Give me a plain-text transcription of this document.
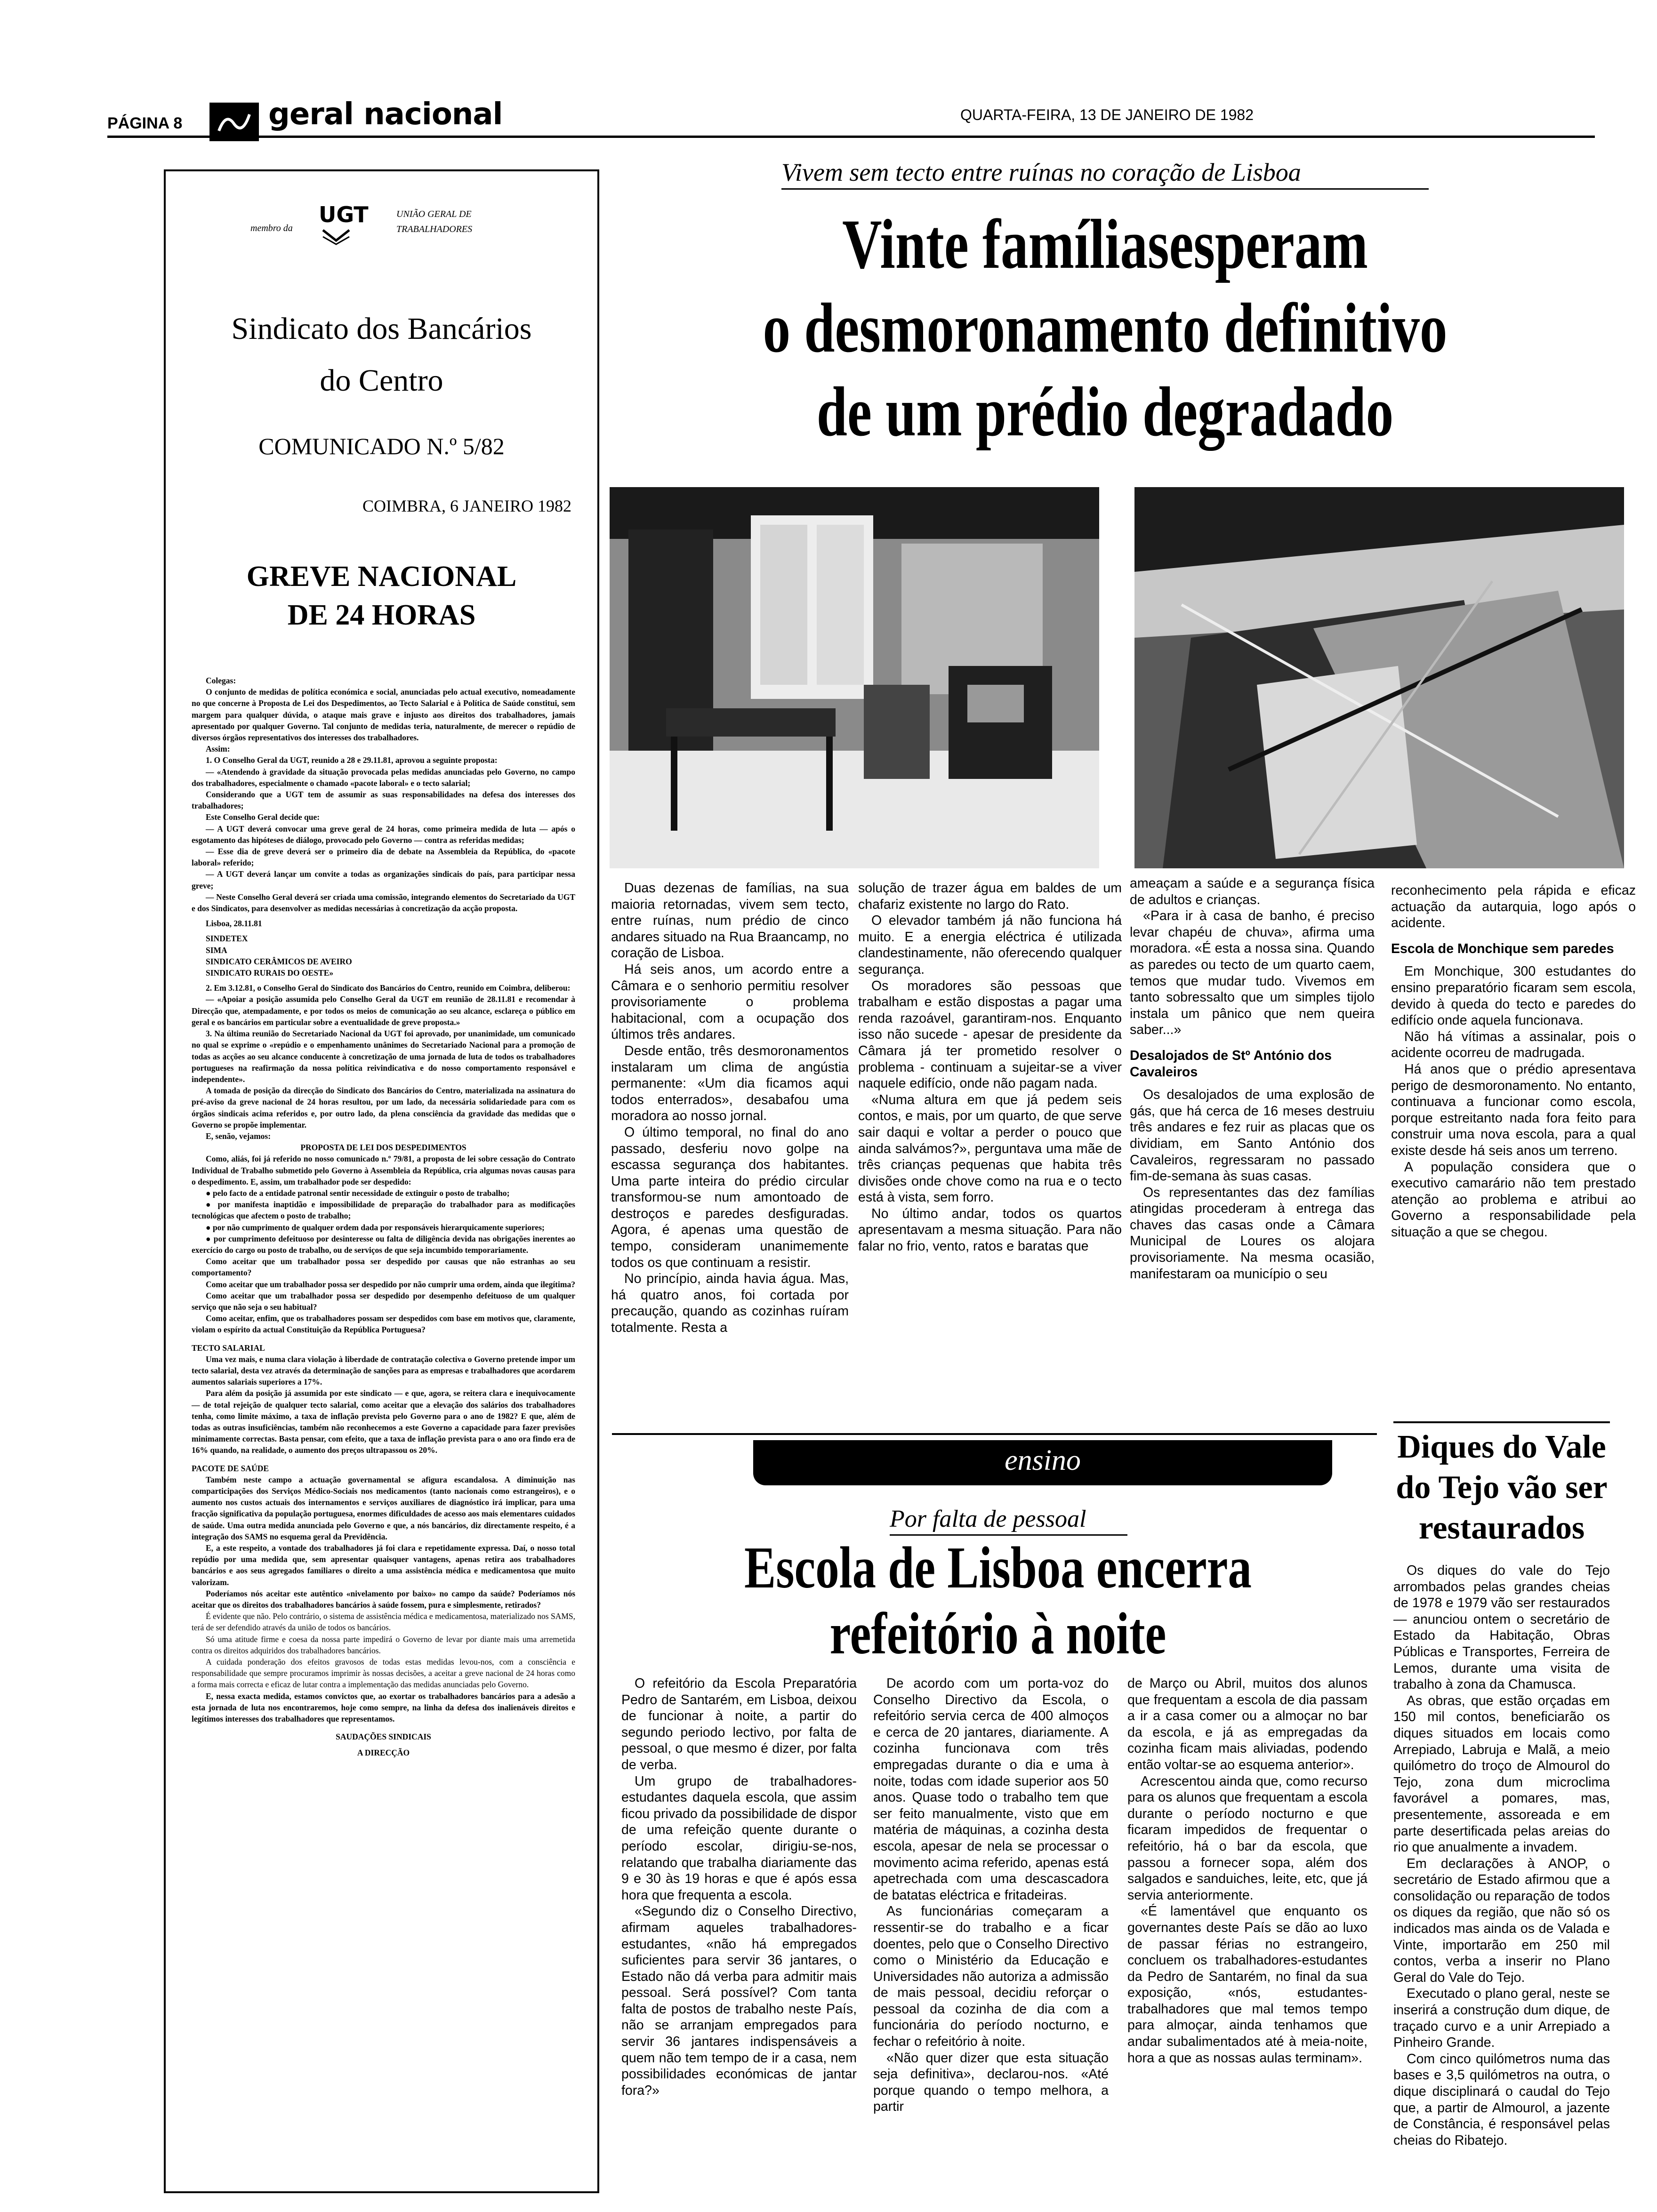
PÁGINA 8	geral nacional	QUARTA-FEIRA, 13 DE JANEIRO DE 1982
membro da
UGT	UNIÃO GERAL DE TRABALHADORES
Sindicato dos Bancários
do Centro
COMUNICADO N.º 5/82
COIMBRA, 6 JANEIRO 1982
GREVE NACIONAL
DE 24 HORAS

Colegas:

O conjunto de medidas de política económica e social, anunciadas pelo actual executivo, nomeadamente no que concerne à Proposta de Lei dos Despedimentos, ao Tecto Salarial e à Política de Saúde constitui, sem margem para qualquer dúvida, o ataque mais grave e injusto aos direitos dos trabalhadores, jamais apresentado por qualquer Governo. Tal conjunto de medidas teria, naturalmente, de merecer o repúdio de diversos órgãos representativos dos interesses dos trabalhadores.

Assim:

1. O Conselho Geral da UGT, reunido a 28 e 29.11.81, aprovou a seguinte proposta:

— «Atendendo à gravidade da situação provocada pelas medidas anunciadas pelo Governo, no campo dos trabalhadores, especialmente o chamado «pacote laboral» e o tecto salarial;

Considerando que a UGT tem de assumir as suas responsabilidades na defesa dos interesses dos trabalhadores;

Este Conselho Geral decide que:

— A UGT deverá convocar uma greve geral de 24 horas, como primeira medida de luta — após o esgotamento das hipóteses de diálogo, provocado pelo Governo — contra as referidas medidas;

— Esse dia de greve deverá ser o primeiro dia de debate na Assembleia da República, do «pacote laboral» referido;

— A UGT deverá lançar um convite a todas as organizações sindicais do país, para participar nessa greve;

— Neste Conselho Geral deverá ser criada uma comissão, integrando elementos do Secretariado da UGT e dos Sindicatos, para desenvolver as medidas necessárias à concretização da acção proposta.

Lisboa, 28.11.81

SINDETEX

SIMA

SINDICATO CERÂMICOS DE AVEIRO

SINDICATO RURAIS DO OESTE»

2. Em 3.12.81, o Conselho Geral do Sindicato dos Bancários do Centro, reunido em Coimbra, deliberou:

— «Apoiar a posição assumida pelo Conselho Geral da UGT em reunião de 28.11.81 e recomendar à Direcção que, atempadamente, e por todos os meios de comunicação ao seu alcance, esclareça o público em geral e os bancários em particular sobre a eventualidade de greve proposta.»

3. Na última reunião do Secretariado Nacional da UGT foi aprovado, por unanimidade, um comunicado no qual se exprime o «repúdio e o empenhamento unânimes do Secretariado Nacional para a promoção de todas as acções ao seu alcance conducente à concretização de uma jornada de luta de todos os trabalhadores portugueses na reafirmação da nossa política reivindicativa e do nosso comportamento responsável e independente».

A tomada de posição da direcção do Sindicato dos Bancários do Centro, materializada na assinatura do pré-aviso da greve nacional de 24 horas resultou, por um lado, da necessária solidariedade para com os órgãos sindicais acima referidos e, por outro lado, da plena consciência da gravidade das medidas que o Governo se propõe implementar.

E, senão, vejamos:

PROPOSTA DE LEI DOS DESPEDIMENTOS

Como, aliás, foi já referido no nosso comunicado n.º 79/81, a proposta de lei sobre cessação do Contrato Individual de Trabalho submetido pelo Governo à Assembleia da República, cria algumas novas causas para o despedimento. E, assim, um trabalhador pode ser despedido:

● pelo facto de a entidade patronal sentir necessidade de extinguir o posto de trabalho;

● por manifesta inaptidão e impossibilidade de preparação do trabalhador para as modificações tecnológicas que afectem o posto de trabalho;

● por não cumprimento de qualquer ordem dada por responsáveis hierarquicamente superiores;

● por cumprimento defeituoso por desinteresse ou falta de diligência devida nas obrigações inerentes ao exercício do cargo ou posto de trabalho, ou de serviços de que seja incumbido temporariamente.

Como aceitar que um trabalhador possa ser despedido por causas que não estranhas ao seu comportamento?

Como aceitar que um trabalhador possa ser despedido por não cumprir uma ordem, ainda que ilegítima?

Como aceitar que um trabalhador possa ser despedido por desempenho defeituoso de um qualquer serviço que não seja o seu habitual?

Como aceitar, enfim, que os trabalhadores possam ser despedidos com base em motivos que, claramente, violam o espírito da actual Constituição da República Portuguesa?

TECTO SALARIAL

Uma vez mais, e numa clara violação à liberdade de contratação colectiva o Governo pretende impor um tecto salarial, desta vez através da determinação de sanções para as empresas e trabalhadores que acordarem aumentos salariais superiores a 17%.

Para além da posição já assumida por este sindicato — e que, agora, se reitera clara e inequivocamente — de total rejeição de qualquer tecto salarial, como aceitar que a elevação dos salários dos trabalhadores tenha, como limite máximo, a taxa de inflação prevista pelo Governo para o ano de 1982? E que, além de todas as outras insuficiências, também não reconhecemos a este Governo a capacidade para fazer previsões minimamente correctas. Basta pensar, com efeito, que a taxa de inflação prevista para o ano ora findo era de 16% quando, na realidade, o aumento dos preços ultrapassou os 20%.

PACOTE DE SAÚDE

Também neste campo a actuação governamental se afigura escandalosa. A diminuição nas comparticipações dos Serviços Médico-Sociais nos medicamentos (tanto nacionais como estrangeiros), e o aumento nos custos actuais dos internamentos e serviços auxiliares de diagnóstico irá implicar, para uma fracção significativa da população portuguesa, enormes dificuldades de acesso aos mais elementares cuidados de saúde. Uma outra medida anunciada pelo Governo e que, a nós bancários, diz directamente respeito, é a integração dos SAMS no esquema geral da Previdência.

E, a este respeito, a vontade dos trabalhadores já foi clara e repetidamente expressa. Daí, o nosso total repúdio por uma medida que, sem apresentar quaisquer vantagens, apenas retira aos trabalhadores bancários e aos seus agregados familiares o direito a uma assistência médica e medicamentosa que muito valorizam.

Poderíamos nós aceitar este autêntico «nivelamento por baixo» no campo da saúde? Poderíamos nós aceitar que os direitos dos trabalhadores bancários à saúde fossem, pura e simplesmente, retirados?

É evidente que não. Pelo contrário, o sistema de assistência médica e medicamentosa, materializado nos SAMS, terá de ser defendido através da união de todos os bancários.

Só uma atitude firme e coesa da nossa parte impedirá o Governo de levar por diante mais uma arremetida contra os direitos adquiridos dos trabalhadores bancários.

A cuidada ponderação dos efeitos gravosos de todas estas medidas levou-nos, com a consciência e responsabilidade que sempre procuramos imprimir às nossas decisões, a aceitar a greve nacional de 24 horas como a forma mais correcta e eficaz de lutar contra a implementação das medidas anunciadas pelo Governo.

E, nessa exacta medida, estamos convictos que, ao exortar os trabalhadores bancários para a adesão a esta jornada de luta nos encontraremos, hoje como sempre, na linha da defesa dos inalienáveis direitos e legítimos interesses dos trabalhadores que representamos.

SAUDAÇÕES SINDICAIS

A DIRECÇÃO

Vivem sem tecto entre ruínas no coração de Lisboa
Vinte famíliasesperam
o desmoronamento definitivo
de um prédio degradado

Duas dezenas de famílias, na sua maioria retornadas, vivem sem tecto, entre ruínas, num prédio de cinco andares situado na Rua Braancamp, no coração de Lisboa.

Há seis anos, um acordo entre a Câmara e o senhorio permitiu resolver provisoriamente o problema habitacional, com a ocupação dos últimos três andares.

Desde então, três desmoronamentos instalaram um clima de angústia permanente: «Um dia ficamos aqui todos enterrados», desabafou uma moradora ao nosso jornal.

O último temporal, no final do ano passado, desferiu novo golpe na escassa segurança dos habitantes. Uma parte inteira do prédio circular transformou-se num amontoado de destroços e paredes desfiguradas. Agora, é apenas uma questão de tempo, consideram unanimemente todos os que continuam a resistir.

No princípio, ainda havia água. Mas, há quatro anos, foi cortada por precaução, quando as cozinhas ruíram totalmente. Resta a

solução de trazer água em baldes de um chafariz existente no largo do Rato.

O elevador também já não funciona há muito. E a energia eléctrica é utilizada clandestinamente, não oferecendo qualquer segurança.

Os moradores são pessoas que trabalham e estão dispostas a pagar uma renda razoável, garantiram-nos. Enquanto isso não sucede - apesar de presidente da Câmara já ter prometido resolver o problema - continuam a sujeitar-se a viver naquele edifício, onde não pagam nada.

«Numa altura em que já pedem seis contos, e mais, por um quarto, de que serve sair daqui e voltar a perder o pouco que ainda salvámos?», perguntava uma mãe de três crianças pequenas que habita três divisões onde chove como na rua e o tecto está à vista, sem forro.

No último andar, todos os quartos apresentavam a mesma situação. Para não falar no frio, vento, ratos e baratas que

ameaçam a saúde e a segurança física de adultos e crianças.

«Para ir à casa de banho, é preciso levar chapéu de chuva», afirma uma moradora. «É esta a nossa sina. Quando as paredes ou tecto de um quarto caem, temos que mudar tudo. Vivemos em tanto sobressalto que um simples tijolo instala um pânico que nem queira saber...»

Desalojados de Stº António dos Cavaleiros

Os desalojados de uma explosão de gás, que há cerca de 16 meses destruiu três andares e fez ruir as placas que os dividiam, em Santo António dos Cavaleiros, regressaram no passado fim-de-semana às suas casas.

Os representantes das dez famílias atingidas procederam à entrega das chaves das casas onde a Câmara Municipal de Loures os alojara provisoriamente. Na mesma ocasião, manifestaram oa município o seu

reconhecimento pela rápida e eficaz actuação da autarquia, logo após o acidente.

Escola de Monchique sem paredes

Em Monchique, 300 estudantes do ensino preparatório ficaram sem escola, devido à queda do tecto e paredes do edifício onde aquela funcionava.

Não há vítimas a assinalar, pois o acidente ocorreu de madrugada.

Há anos que o prédio apresentava perigo de desmoronamento. No entanto, continuava a funcionar como escola, porque estreitanto nada fora feito para construir uma nova escola, para a qual existe desde há seis anos um terreno.

A população considera que o executivo camarário não tem prestado atenção ao problema e atribui ao Governo a responsabilidade pela situação a que se chegou.

ensino
Por falta de pessoal
Escola de Lisboa encerra
refeitório à noite

O refeitório da Escola Preparatória Pedro de Santarém, em Lisboa, deixou de funcionar à noite, a partir do segundo periodo lectivo, por falta de pessoal, o que mesmo é dizer, por falta de verba.

Um grupo de trabalhadores-estudantes daquela escola, que assim ficou privado da possibilidade de dispor de uma refeição quente durante o período escolar, dirigiu-se-nos, relatando que trabalha diariamente das 9 e 30 às 19 horas e que é após essa hora que frequenta a escola.

«Segundo diz o Conselho Directivo, afirmam aqueles trabalhadores-estudantes, «não há empregados suficientes para servir 36 jantares, o Estado não dá verba para admitir mais pessoal. Será possível? Com tanta falta de postos de trabalho neste País, não se arranjam empregados para servir 36 jantares indispensáveis a quem não tem tempo de ir a casa, nem possibilidades económicas de jantar fora?»

De acordo com um porta-voz do Conselho Directivo da Escola, o refeitório servia cerca de 400 almoços e cerca de 20 jantares, diariamente. A cozinha funcionava com três empregadas durante o dia e uma à noite, todas com idade superior aos 50 anos. Quase todo o trabalho tem que ser feito manualmente, visto que em matéria de máquinas, a cozinha desta escola, apesar de nela se processar o movimento acima referido, apenas está apetrechada com uma descascadora de batatas eléctrica e fritadeiras.

As funcionárias começaram a ressentir-se do trabalho e a ficar doentes, pelo que o Conselho Directivo como o Ministério da Educação e Universidades não autoriza a admissão de mais pessoal, decidiu reforçar o pessoal da cozinha de dia com a funcionária do período nocturno, e fechar o refeitório à noite.

«Não quer dizer que esta situação seja definitiva», declarou-nos. «Até porque quando o tempo melhora, a partir

de Março ou Abril, muitos dos alunos que frequentam a escola de dia passam a ir a casa comer ou a almoçar no bar da escola, e já as empregadas da cozinha ficam mais aliviadas, podendo então voltar-se ao esquema anterior».

Acrescentou ainda que, como recurso para os alunos que frequentam a escola durante o período nocturno e que ficaram impedidos de frequentar o refeitório, há o bar da escola, que passou a fornecer sopa, além dos salgados e sanduiches, leite, etc, que já servia anteriormente.

«É lamentável que enquanto os governantes deste País se dão ao luxo de passar férias no estrangeiro, concluem os trabalhadores-estudantes da Pedro de Santarém, no final da sua exposição, «nós, estudantes-trabalhadores que mal temos tempo para almoçar, ainda tenhamos que andar subalimentados até à meia-noite, hora a que as nossas aulas terminam».

Diques do Vale
do Tejo vão ser
restaurados

Os diques do vale do Tejo arrombados pelas grandes cheias de 1978 e 1979 vão ser restaurados — anunciou ontem o secretário de Estado da Habitação, Obras Públicas e Transportes, Ferreira de Lemos, durante uma visita de trabalho à zona da Chamusca.

As obras, que estão orçadas em 150 mil contos, beneficiarão os diques situados em locais como Arrepiado, Labruja e Malã, a meio quilómetro do troço de Almourol do Tejo, zona dum microclima favorável a pomares, mas, presentemente, assoreada e em parte desertificada pelas areias do rio que anualmente a invadem.

Em declarações à ANOP, o secretário de Estado afirmou que a consolidação ou reparação de todos os diques da região, que não só os indicados mas ainda os de Valada e Vinte, importarão em 250 mil contos, verba a inserir no Plano Geral do Vale do Tejo.

Executado o plano geral, neste se inserirá a construção dum dique, de traçado curvo e a unir Arrepiado a Pinheiro Grande.

Com cinco quilómetros numa das bases e 3,5 quilómetros na outra, o dique disciplinará o caudal do Tejo que, a partir de Almourol, a jazente de Constância, é responsável pelas cheias do Ribatejo.
